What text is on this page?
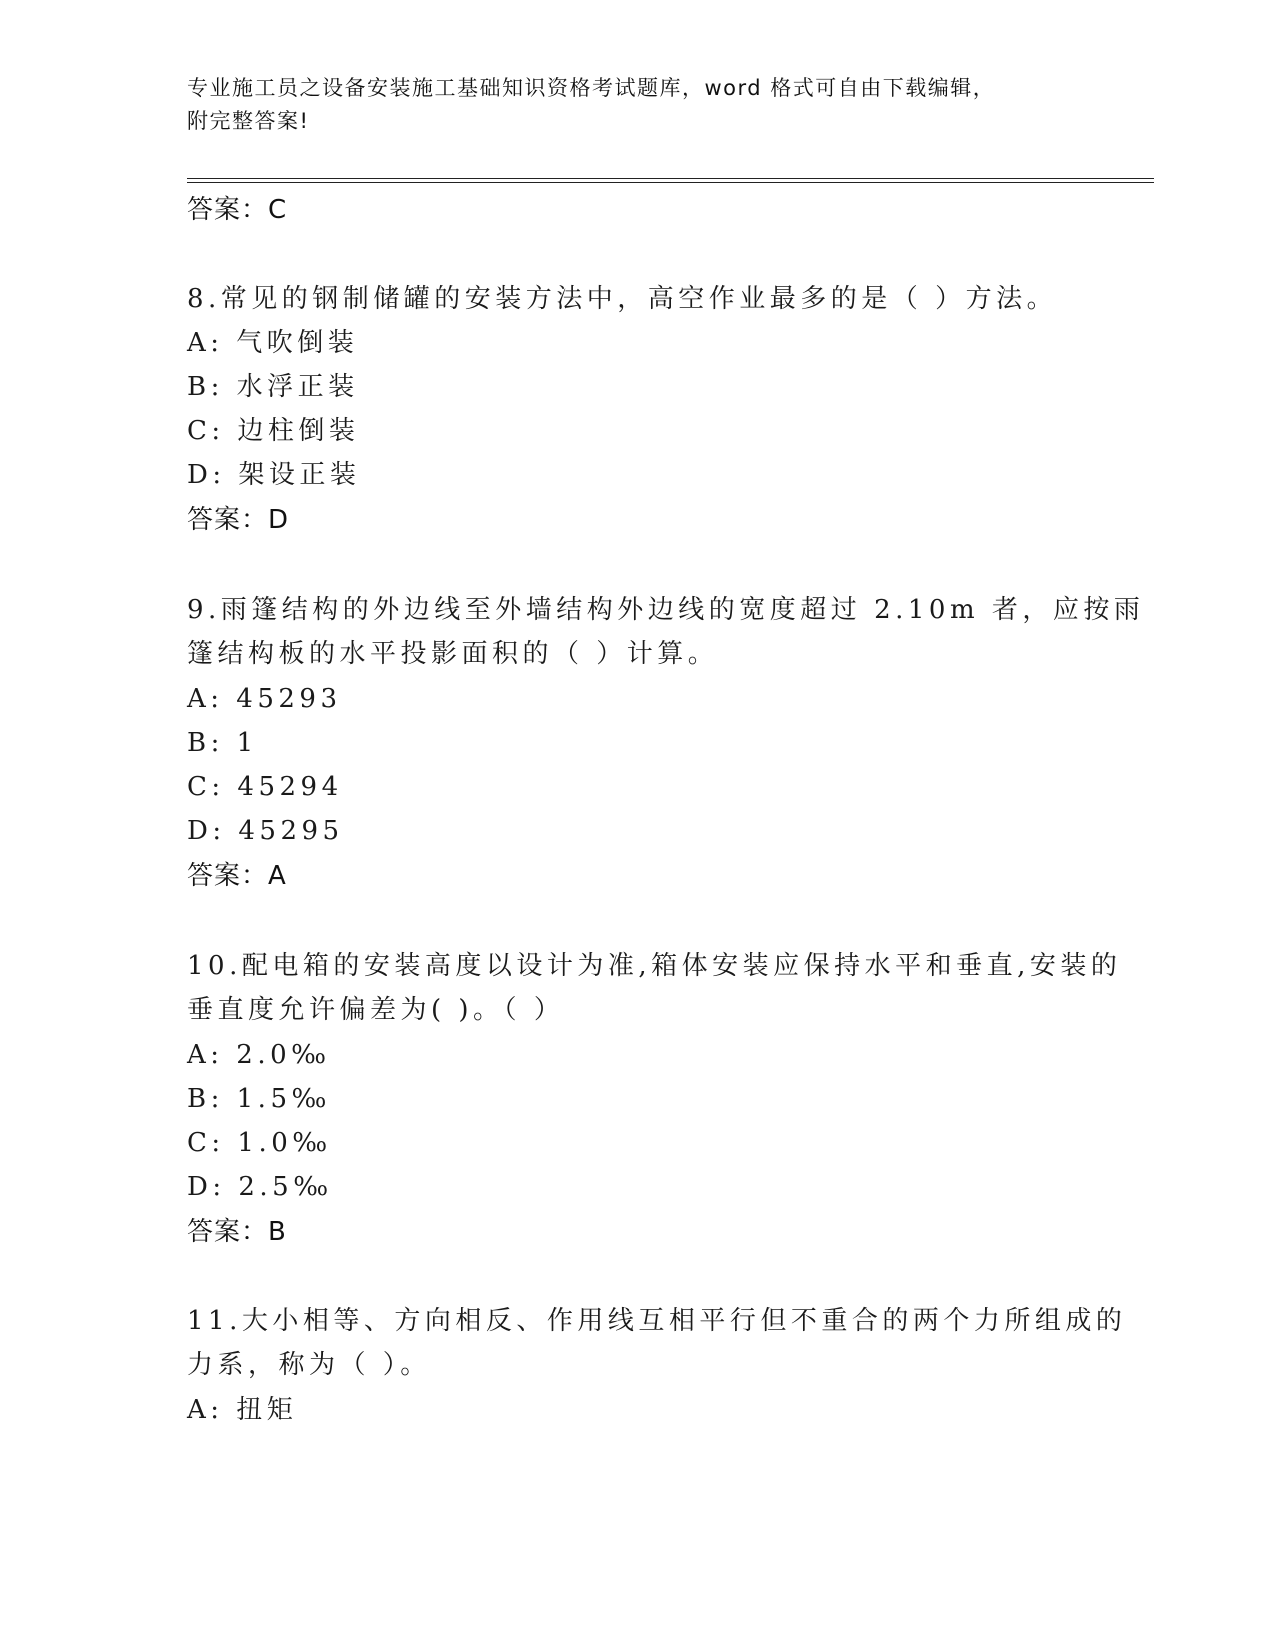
专业施工员之设备安装施工基础知识资格考试题库，word 格式可自由下载编辑，
附完整答案!
答案：C
8.常见的钢制储罐的安装方法中，高空作业最多的是（ ）方法。
A: 气吹倒装
B: 水浮正装
C: 边柱倒装
D: 架设正装
答案：D
9.雨篷结构的外边线至外墙结构外边线的宽度超过 2.10m 者，应按雨
篷结构板的水平投影面积的（ ）计算。
A: 45293
B: 1
C: 45294
D: 45295
答案：A
10.配电箱的安装高度以设计为准,箱体安装应保持水平和垂直,安装的
垂直度允许偏差为( )。（ ）
A: 2.0‰
B: 1.5‰
C: 1.0‰
D: 2.5‰
答案：B
11.大小相等、方向相反、作用线互相平行但不重合的两个力所组成的
力系，称为（ ）。
A: 扭矩
